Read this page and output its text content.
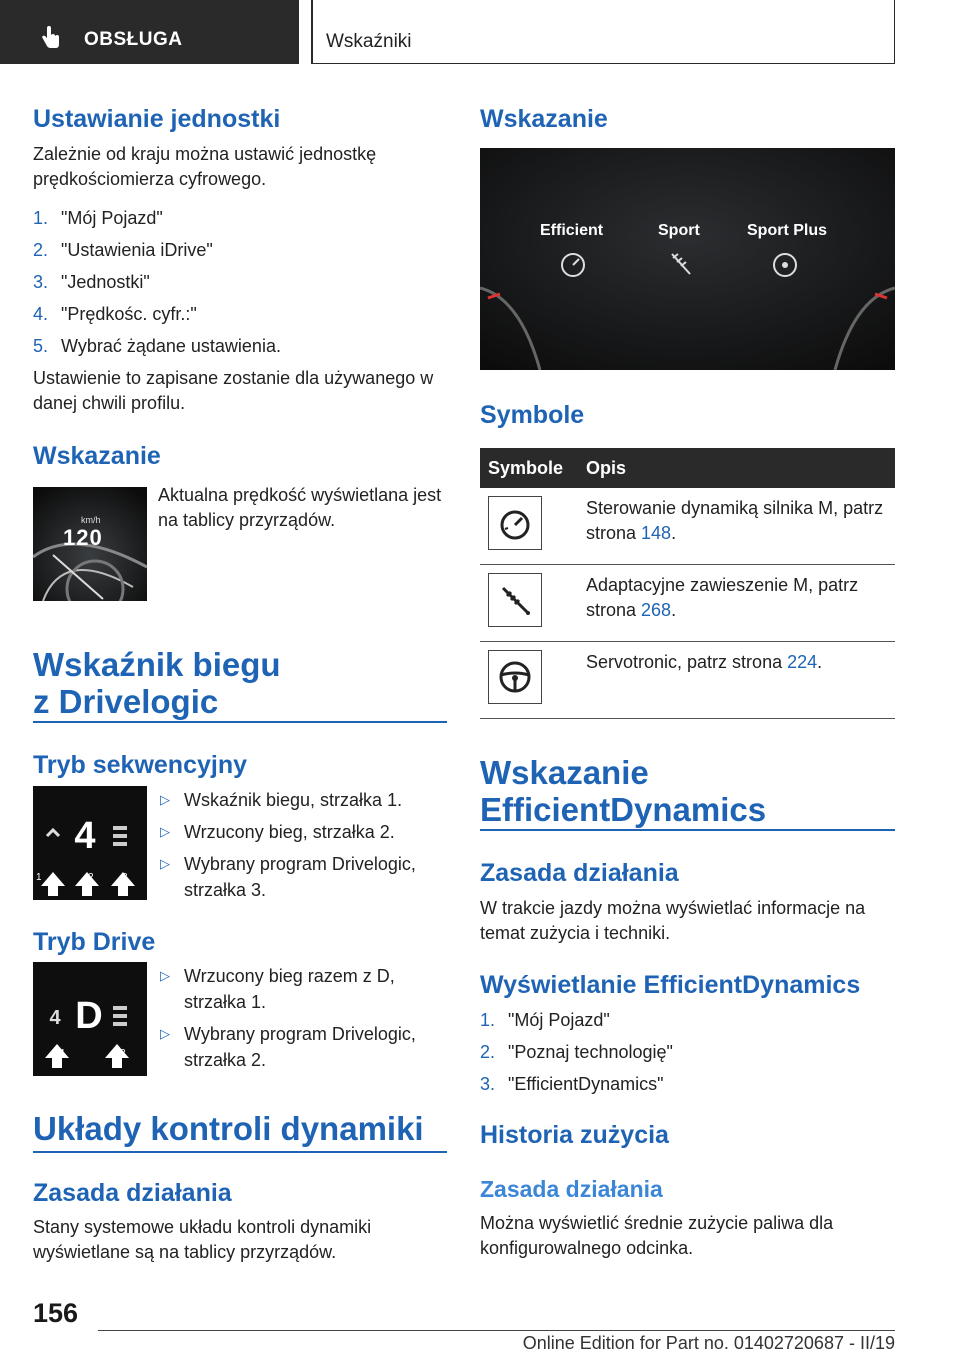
OBSŁUGA	Wskaźniki
Ustawianie jednostki

Zależnie od kraju można ustawić jednostkę prędkościomierza cyfrowego.

1. "Mój Pojazd"
2. "Ustawienia iDrive"
3. "Jednostki"
4. "Prędkośc. cyfr.:"
5. Wybrać żądane ustawienia.

Ustawienie to zapisane zostanie dla używanego w danej chwili profilu.

Wskazanie
km/h
120

Aktualna prędkość wyświetlana jest na tablicy przyrządów.

Wskaźnik biegu
z Drivelogic
Tryb sekwencyjny
4
1	2	3
▷ Wskaźnik biegu, strzałka 1.
▷ Wrzucony bieg, strzałka 2.
▷ Wybrany program Drivelogic, strzałka 3.
Tryb Drive
4 D
1	2
▷ Wrzucony bieg razem z D, strzałka 1.
▷ Wybrany program Drivelogic, strzałka 2.
Układy kontroli dynamiki
Zasada działania

Stany systemowe układu kontroli dynamiki wyświetlane są na tablicy przyrządów.

Wskazanie
Efficient	Sport	Sport Plus
Symbole
Symbole	Opis

	Sterowanie dynamiką silnika M, patrz strona 148.

	Adaptacyjne zawieszenie M, patrz strona 268.

	Servotronic, patrz strona 224.
Wskazanie
EfficientDynamics
Zasada działania

W trakcie jazdy można wyświetlać informacje na temat zużycia i techniki.

Wyświetlanie EfficientDynamics
1. "Mój Pojazd"
2. "Poznaj technologię"
3. "EfficientDynamics"
Historia zużycia
Zasada działania

Można wyświetlić średnie zużycie paliwa dla konfigurowalnego odcinka.

156
Online Edition for Part no. 01402720687 - II/19
